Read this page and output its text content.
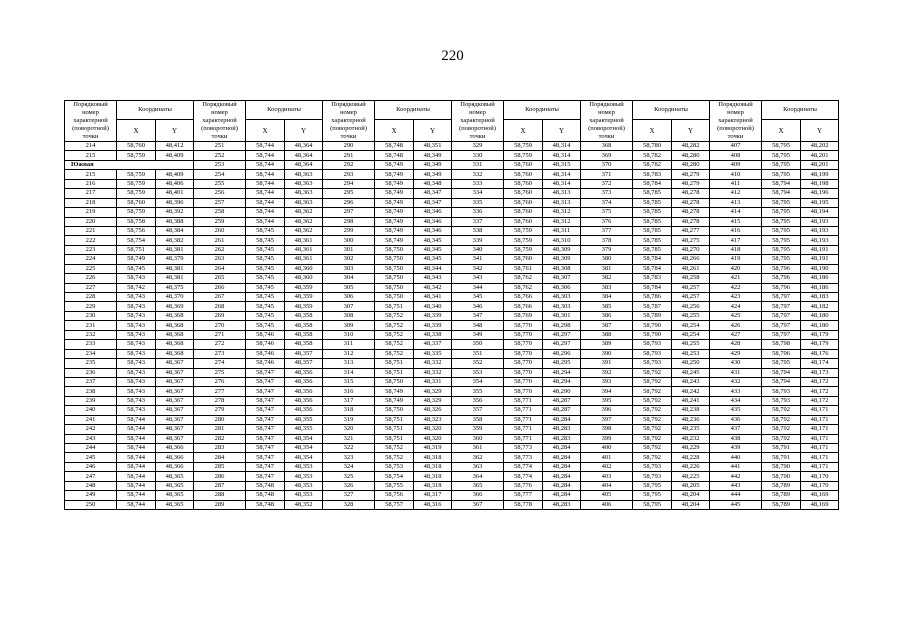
220
Порядковый номер характерной (поворотной) точки	Координаты		Порядковый номер характерной (поворотной) точки	Координаты		Порядковый номер характерной (поворотной) точки	Координаты		Порядковый номер характерной (поворотной) точки	Координаты		Порядковый номер характерной (поворотной) точки	Координаты		Порядковый номер характерной (поворотной) точки	Координаты	
	X	Y		X	Y		X	Y		X	Y		X	Y		X	Y
214	58,760	48,412	251	58,744	48,364	290	58,748	48,351	329	58,759	48,314	368	58,780	48,282	407	58,795	48,202
215	58,759	48,409	252	58,744	48,364	291	58,748	48,349	330	58,759	48,314	369	58,782	48,280	408	58,795	48,201
Южная			253	58,744	48,364	292	58,749	48,349	331	58,760	48,315	370	58,782	48,280	409	58,795	48,201
215	58,759	48,409	254	58,744	48,363	293	58,749	48,349	332	58,760	48,314	371	58,783	48,279	410	58,795	48,199
216	58,759	48,406	255	58,744	48,363	294	58,749	48,348	333	58,760	48,314	372	58,784	48,279	411	58,794	48,198
217	58,759	48,401	256	58,744	48,363	295	58,749	48,347	334	58,760	48,313	373	58,785	48,278	412	58,794	48,196
218	58,760	48,396	257	58,744	48,363	296	58,749	48,347	335	58,760	48,313	374	58,785	48,278	413	58,795	48,195
219	58,759	48,392	258	58,744	48,362	297	58,749	48,346	336	58,760	48,312	375	58,785	48,278	414	58,795	48,194
220	58,758	48,388	259	58,744	48,362	298	58,749	48,346	337	58,760	48,312	376	58,785	48,278	415	58,795	48,193
221	58,756	48,384	260	58,745	48,362	299	58,749	48,346	338	58,759	48,311	377	58,785	48,277	416	58,795	48,193
222	58,754	48,382	261	58,745	48,361	300	58,749	48,345	339	58,759	48,310	378	58,785	48,275	417	58,795	48,193
223	58,751	48,381	262	58,745	48,361	301	58,750	48,345	340	58,759	48,309	379	58,785	48,270	418	58,795	48,191
224	58,749	48,379	263	58,745	48,361	302	58,750	48,345	341	58,760	48,309	380	58,784	48,266	419	58,795	48,191
225	58,745	48,381	264	58,745	48,360	303	58,750	48,344	342	58,761	48,308	381	58,784	48,261	420	58,796	48,190
226	58,743	48,381	265	58,745	48,360	304	58,750	48,343	343	58,762	48,307	382	58,783	48,258	421	58,796	48,186
227	58,742	48,375	266	58,745	48,359	305	58,750	48,342	344	58,762	48,306	383	58,784	48,257	422	58,796	48,186
228	58,743	48,370	267	58,745	48,359	306	58,750	48,341	345	58,766	48,303	384	58,786	48,257	423	58,797	48,183
229	58,743	48,369	268	58,745	48,359	307	58,751	48,340	346	58,766	48,303	385	58,787	48,256	424	58,797	48,182
230	58,743	48,368	269	58,745	48,358	308	58,752	48,339	347	58,769	48,301	386	58,789	48,255	425	58,797	48,180
231	58,743	48,368	270	58,745	48,358	309	58,752	48,339	348	58,770	48,298	387	58,790	48,254	426	58,797	48,180
232	58,743	48,368	271	58,746	48,358	310	58,752	48,338	349	58,770	48,297	388	58,790	48,254	427	58,797	48,179
233	58,743	48,368	272	58,746	48,358	311	58,752	48,337	350	58,770	48,297	389	58,793	48,255	428	58,798	48,179
234	58,743	48,368	273	58,746	48,357	312	58,752	48,335	351	58,770	48,296	390	58,793	48,253	429	58,796	48,176
235	58,743	48,367	274	58,746	48,357	313	58,751	48,332	352	58,770	48,295	391	58,793	48,250	430	58,795	48,174
236	58,743	48,367	275	58,747	48,356	314	58,751	48,332	353	58,770	48,294	392	58,792	48,245	431	58,794	48,173
237	58,743	48,367	276	58,747	48,356	315	58,750	48,331	354	58,770	48,294	393	58,792	48,243	432	58,794	48,172
238	58,743	48,367	277	58,747	48,356	316	58,749	48,329	355	58,770	48,290	394	58,792	48,242	433	58,793	48,172
239	58,743	48,367	278	58,747	48,356	317	58,749	48,329	356	58,771	48,287	395	58,792	48,241	434	58,793	48,172
240	58,743	48,367	279	58,747	48,356	318	58,750	48,326	357	58,771	48,287	396	58,792	48,238	435	58,792	48,171
241	58,744	48,367	280	58,747	48,355	319	58,751	48,323	358	58,771	48,284	397	58,792	48,236	436	58,792	48,171
242	58,744	48,367	281	58,747	48,355	320	58,751	48,320	359	58,771	48,283	398	58,792	48,235	437	58,792	48,171
243	58,744	48,367	282	58,747	48,354	321	58,751	48,320	360	58,771	48,283	399	58,792	48,232	438	58,792	48,171
244	58,744	48,366	283	58,747	48,354	322	58,752	48,319	361	58,773	48,284	400	58,792	48,229	439	58,791	48,171
245	58,744	48,366	284	58,747	48,354	323	58,752	48,318	362	58,773	48,284	401	58,792	48,228	440	58,791	48,171
246	58,744	48,366	285	58,747	48,353	324	58,753	48,318	363	58,774	48,284	402	58,793	48,226	441	58,790	48,171
247	58,744	48,365	286	58,747	48,353	325	58,754	48,318	364	58,774	48,284	403	58,793	48,225	442	58,790	48,170
248	58,744	48,365	287	58,748	48,353	326	58,755	48,318	365	58,776	48,284	404	58,795	48,205	443	58,789	48,170
249	58,744	48,365	288	58,748	48,353	327	58,756	48,317	366	58,777	48,284	405	58,795	48,204	444	58,789	48,169
250	58,744	48,365	289	58,748	48,352	328	58,757	48,316	367	58,778	48,283	406	58,795	48,204	445	58,789	48,169
